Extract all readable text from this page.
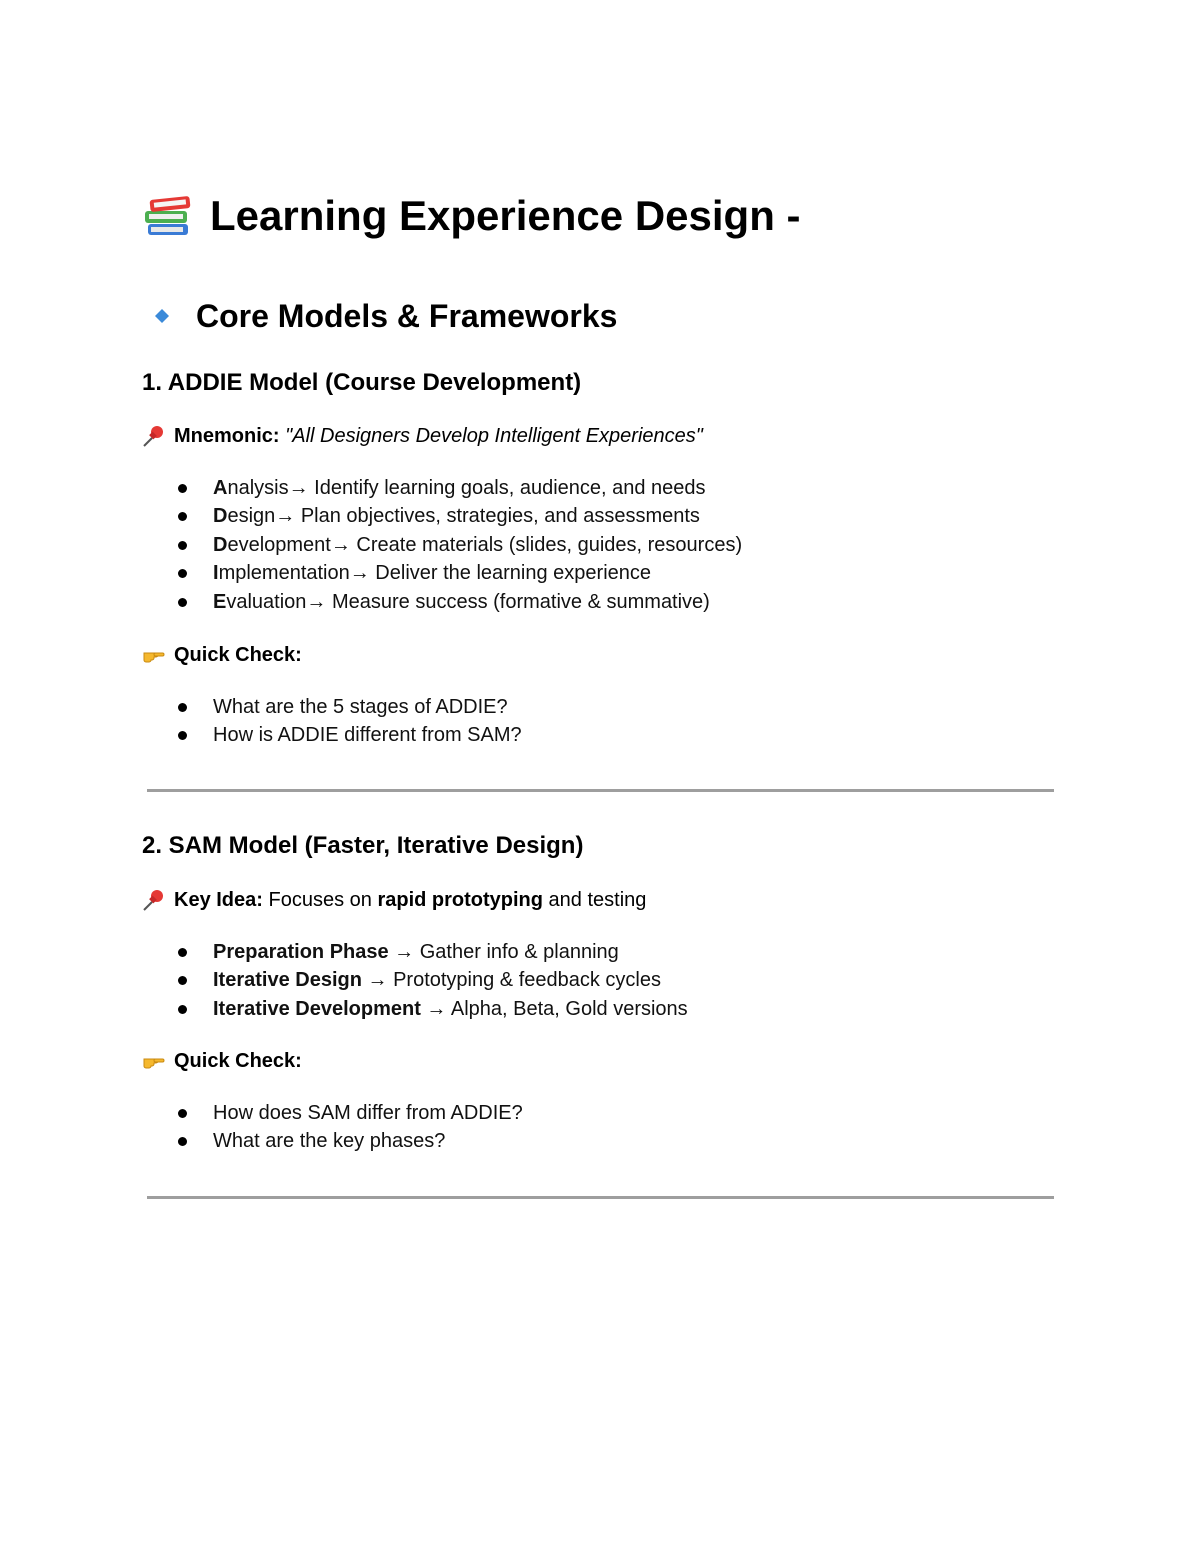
Learning Experience Design -
Core Models & Frameworks
1. ADDIE Model (Course Development)
Mnemonic:
"All Designers Develop Intelligent Experiences"
A nalysis → Identify learning goals, audience, and needs
D esign → Plan objectives, strategies, and assessments
D evelopment → Create materials (slides, guides, resources)
I mplementation → Deliver the learning experience
E valuation → Measure success (formative & summative)
Quick Check:
What are the 5 stages of ADDIE?
How is ADDIE different from SAM?
2. SAM Model (Faster, Iterative Design)
Key Idea: Focuses on rapid prototyping and testing
Preparation Phase → Gather info & planning
Iterative Design → Prototyping & feedback cycles
Iterative Development → Alpha, Beta, Gold versions
Quick Check:
How does SAM differ from ADDIE?
What are the key phases?
